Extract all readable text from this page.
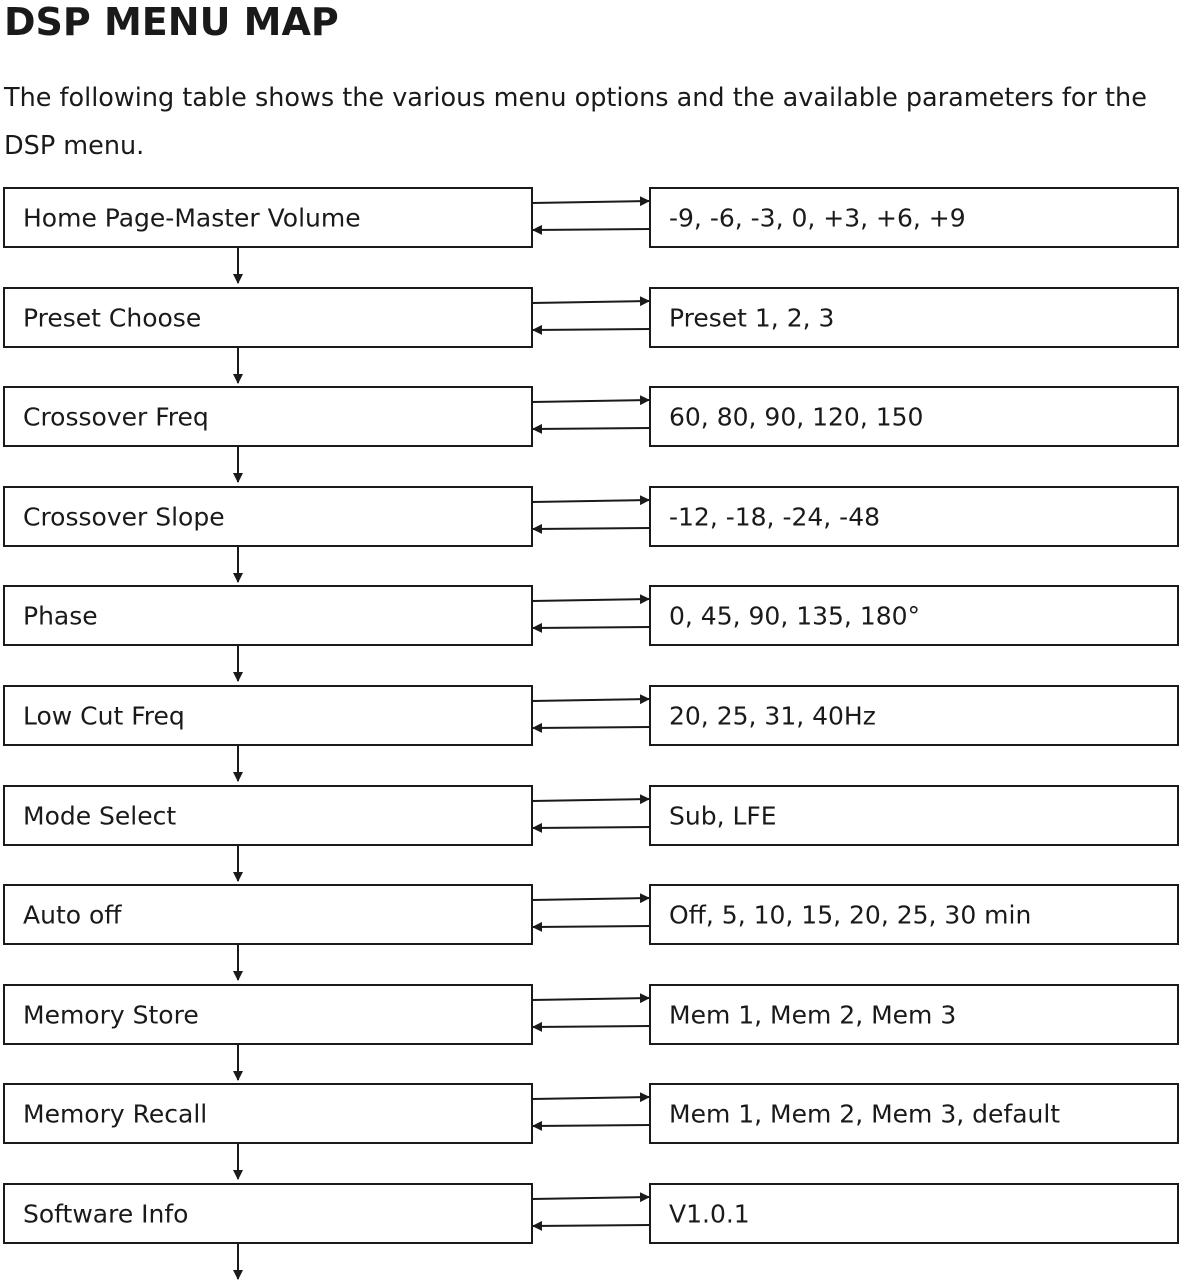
DSP MENU MAP

The following table shows the various menu options and the available parameters for the DSP menu.

Home Page-Master Volume	-9, -6, -3, 0, +3, +6, +9
Preset Choose	Preset 1, 2, 3
Crossover Freq	60, 80, 90, 120, 150
Crossover Slope	-12, -18, -24, -48
Phase	0, 45, 90, 135, 180°
Low Cut Freq	20, 25, 31, 40Hz
Mode Select	Sub, LFE
Auto off	Off, 5, 10, 15, 20, 25, 30 min
Memory Store	Mem 1, Mem 2, Mem 3
Memory Recall	Mem 1, Mem 2, Mem 3, default
Software Info	V1.0.1
